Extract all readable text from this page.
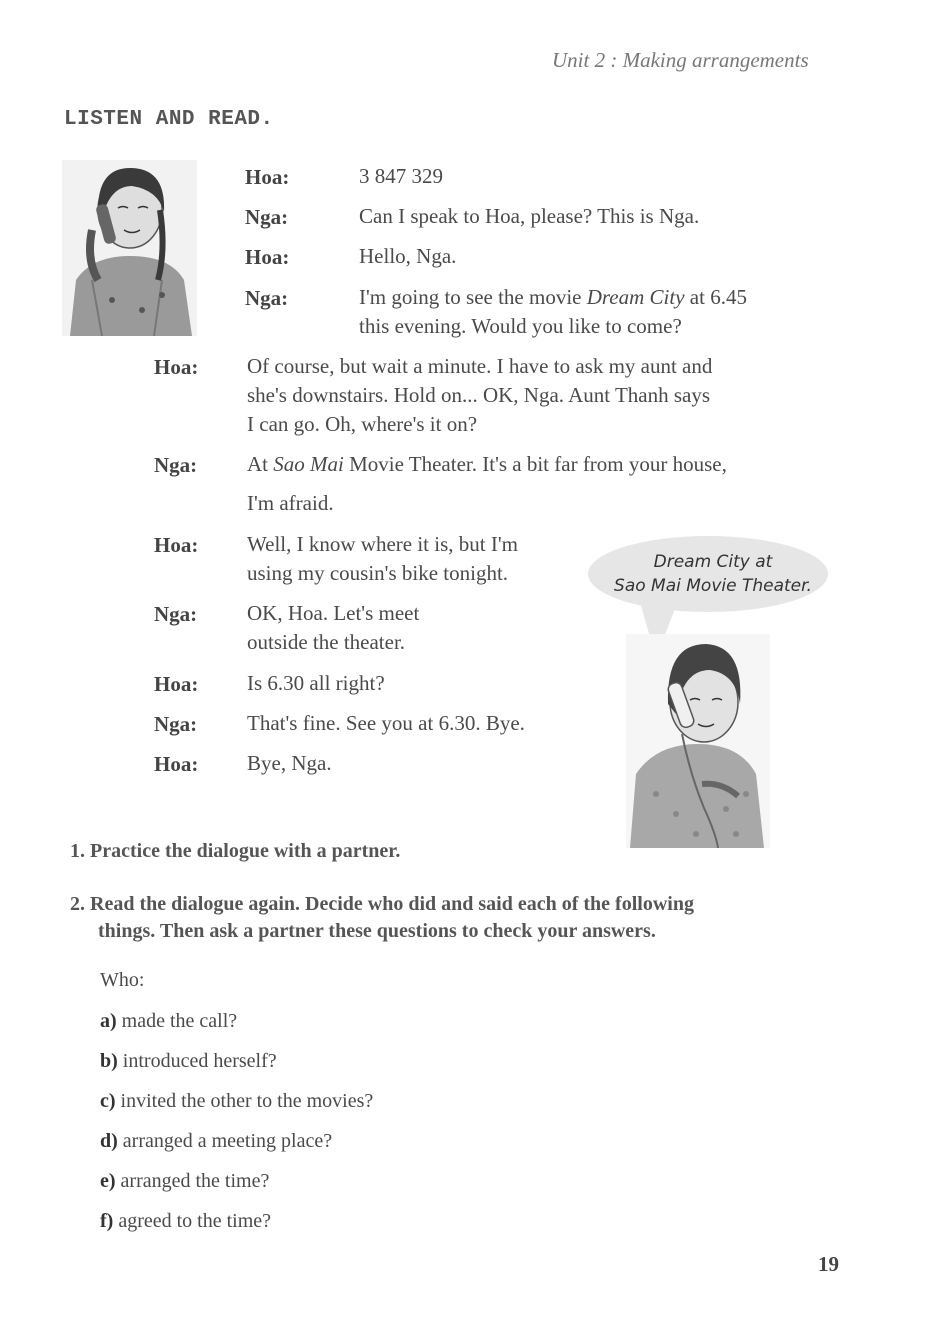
Unit 2 : Making arrangements
LISTEN AND READ.
Hoa:	3 847 329
Nga:	Can I speak to Hoa, please? This is Nga.
Hoa:	Hello, Nga.
Nga:	I'm going to see the movie Dream City at 6.45
this evening. Would you like to come?
Hoa: Of course, but wait a minute. I have to ask my aunt and
she's downstairs. Hold on... OK, Nga. Aunt Thanh says
I can go. Oh, where's it on?
Nga: At Sao Mai Movie Theater. It's a bit far from your house,
I'm afraid.
Hoa: Well, I know where it is, but I'm
using my cousin's bike tonight.
Nga: OK, Hoa. Let's meet
outside the theater.
Hoa: Is 6.30 all right?
Nga: That's fine. See you at 6.30. Bye.
Hoa: Bye, Nga.
Dream City at
Sao Mai Movie Theater.
1. Practice the dialogue with a partner.
2. Read the dialogue again. Decide who did and said each of the following
things. Then ask a partner these questions to check your answers.
Who:
a) made the call?
b) introduced herself?
c) invited the other to the movies?
d) arranged a meeting place?
e) arranged the time?
f) agreed to the time?
19
